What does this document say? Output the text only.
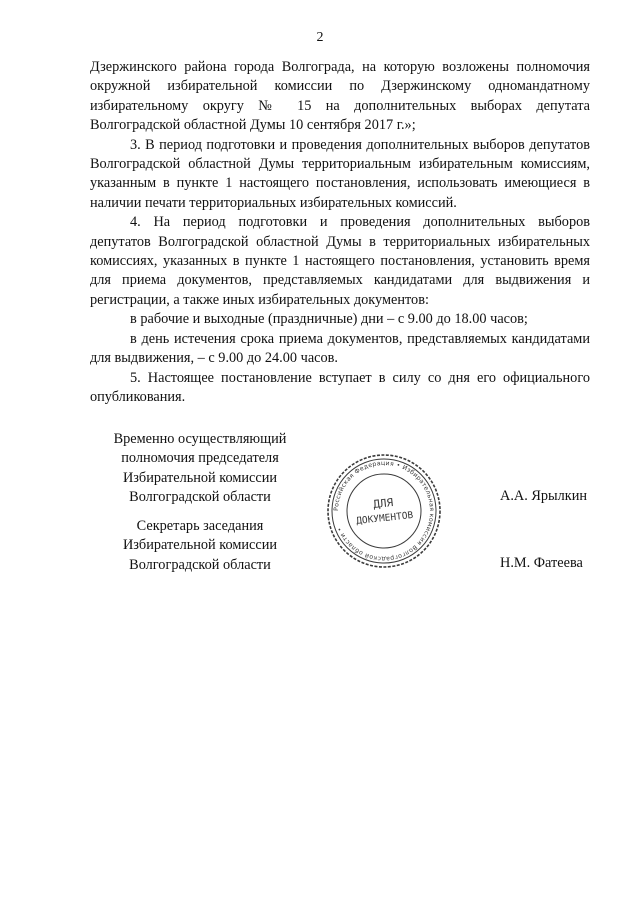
2

Дзержинского района города Волгограда, на которую возложены полномочия окружной избирательной комиссии по Дзержинскому одномандатному избирательному округу № 15 на дополнительных выборах депутата Волгоградской областной Думы 10 сентября 2017 г.»;

3. В период подготовки и проведения дополнительных выборов депутатов Волгоградской областной Думы территориальным избирательным комиссиям, указанным в пункте 1 настоящего постановления, использовать имеющиеся в наличии печати территориальных избирательных комиссий.

4. На период подготовки и проведения дополнительных выборов депутатов Волгоградской областной Думы в территориальных избирательных комиссиях, указанных в пункте 1 настоящего постановления, установить время для приема документов, представляемых кандидатами для выдвижения и регистрации, а также иных избирательных документов:

в рабочие и выходные (праздничные) дни – с 9.00 до 18.00 часов;

в день истечения срока приема документов, представляемых кандидатами для выдвижения, – с 9.00 до 24.00 часов.

5. Настоящее постановление вступает в силу со дня его официального опубликования.

Временно осуществляющий
полномочия председателя
Избирательной комиссии
Волгоградской области	А.А. Ярылкин
Секретарь заседания
Избирательной комиссии
Волгоградской области	Н.М. Фатеева
Российская Федерация • Избирательная комиссия Волгоградской области •
ДЛЯ
ДОКУМЕНТОВ
